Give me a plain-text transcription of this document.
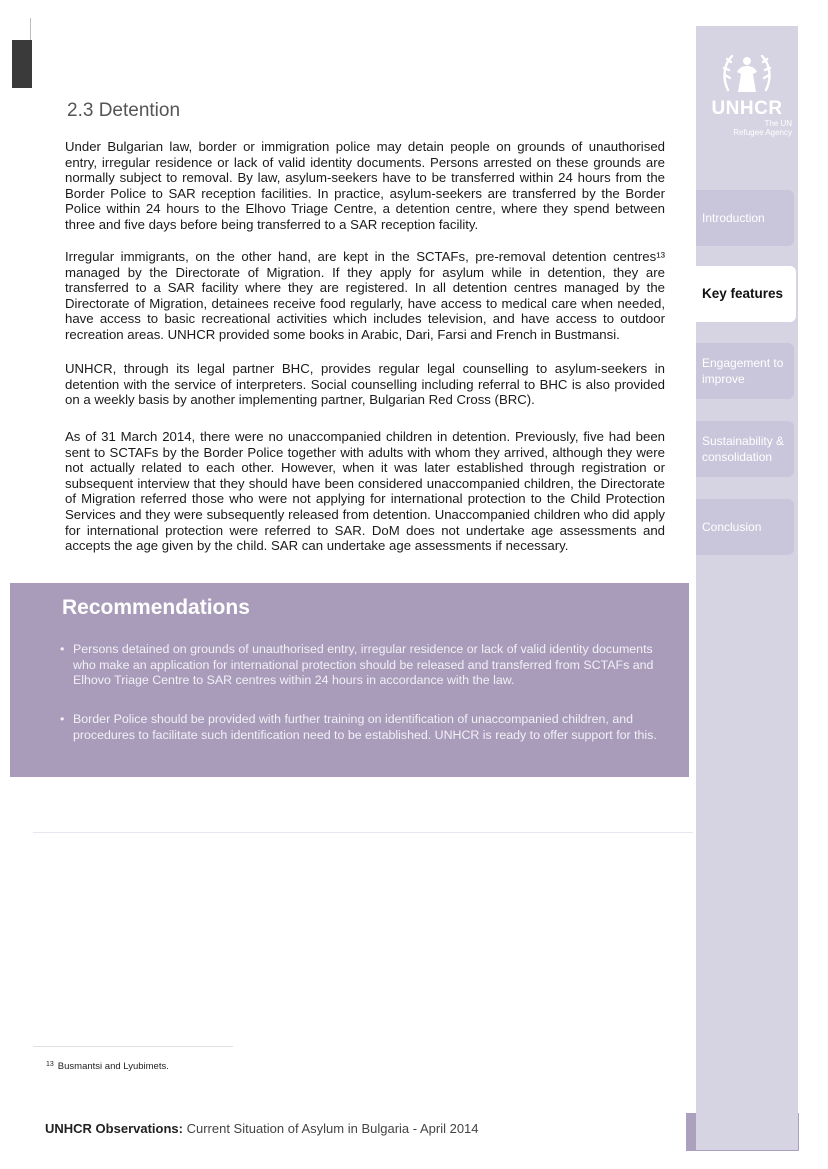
2.3 Detention

Under Bulgarian law, border or immigration police may detain people on grounds of unauthorised entry, irregular residence or lack of valid identity documents. Persons arrested on these grounds are normally subject to removal. By law, asylum-seekers have to be transferred within 24 hours from the Border Police to SAR reception facilities. In practice, asylum-seekers are transferred by the Border Police within 24 hours to the Elhovo Triage Centre, a detention centre, where they spend between three and five days before being transferred to a SAR reception facility.

Irregular immigrants, on the other hand, are kept in the SCTAFs, pre-removal detention centres¹³ managed by the Directorate of Migration. If they apply for asylum while in detention, they are transferred to a SAR facility where they are registered. In all detention centres managed by the Directorate of Migration, detainees receive food regularly, have access to medical care when needed, have access to basic recreational activities which includes television, and have access to outdoor recreation areas. UNHCR provided some books in Arabic, Dari, Farsi and French in Bustmansi.

UNHCR, through its legal partner BHC, provides regular legal counselling to asylum-seekers in detention with the service of interpreters. Social counselling including referral to BHC is also provided on a weekly basis by another implementing partner, Bulgarian Red Cross (BRC).

As of 31 March 2014, there were no unaccompanied children in detention. Previously, five had been sent to SCTAFs by the Border Police together with adults with whom they arrived, although they were not actually related to each other. However, when it was later established through registration or subsequent interview that they should have been considered unaccompanied children, the Directorate of Migration referred those who were not applying for international protection to the Child Protection Services and they were subsequently released from detention. Unaccompanied children who did apply for international protection were referred to SAR. DoM does not undertake age assessments and accepts the age given by the child. SAR can undertake age assessments if necessary.

Recommendations
• Persons detained on grounds of unauthorised entry, irregular residence or lack of valid identity documents who make an application for international protection should be released and transferred from SCTAFs and Elhovo Triage Centre to SAR centres within 24 hours in accordance with the law.
• Border Police should be provided with further training on identification of unaccompanied children, and procedures to facilitate such identification need to be established. UNHCR is ready to offer support for this.
$^{13}$ Busmantsi and Lyubimets.
UNHCR Observations: Current Situation of Asylum in Bulgaria - April 2014
UNHCR
The UN
Refugee Agency
Introduction
Key features
Engagement to improve
Sustainability & consolidation
Conclusion
